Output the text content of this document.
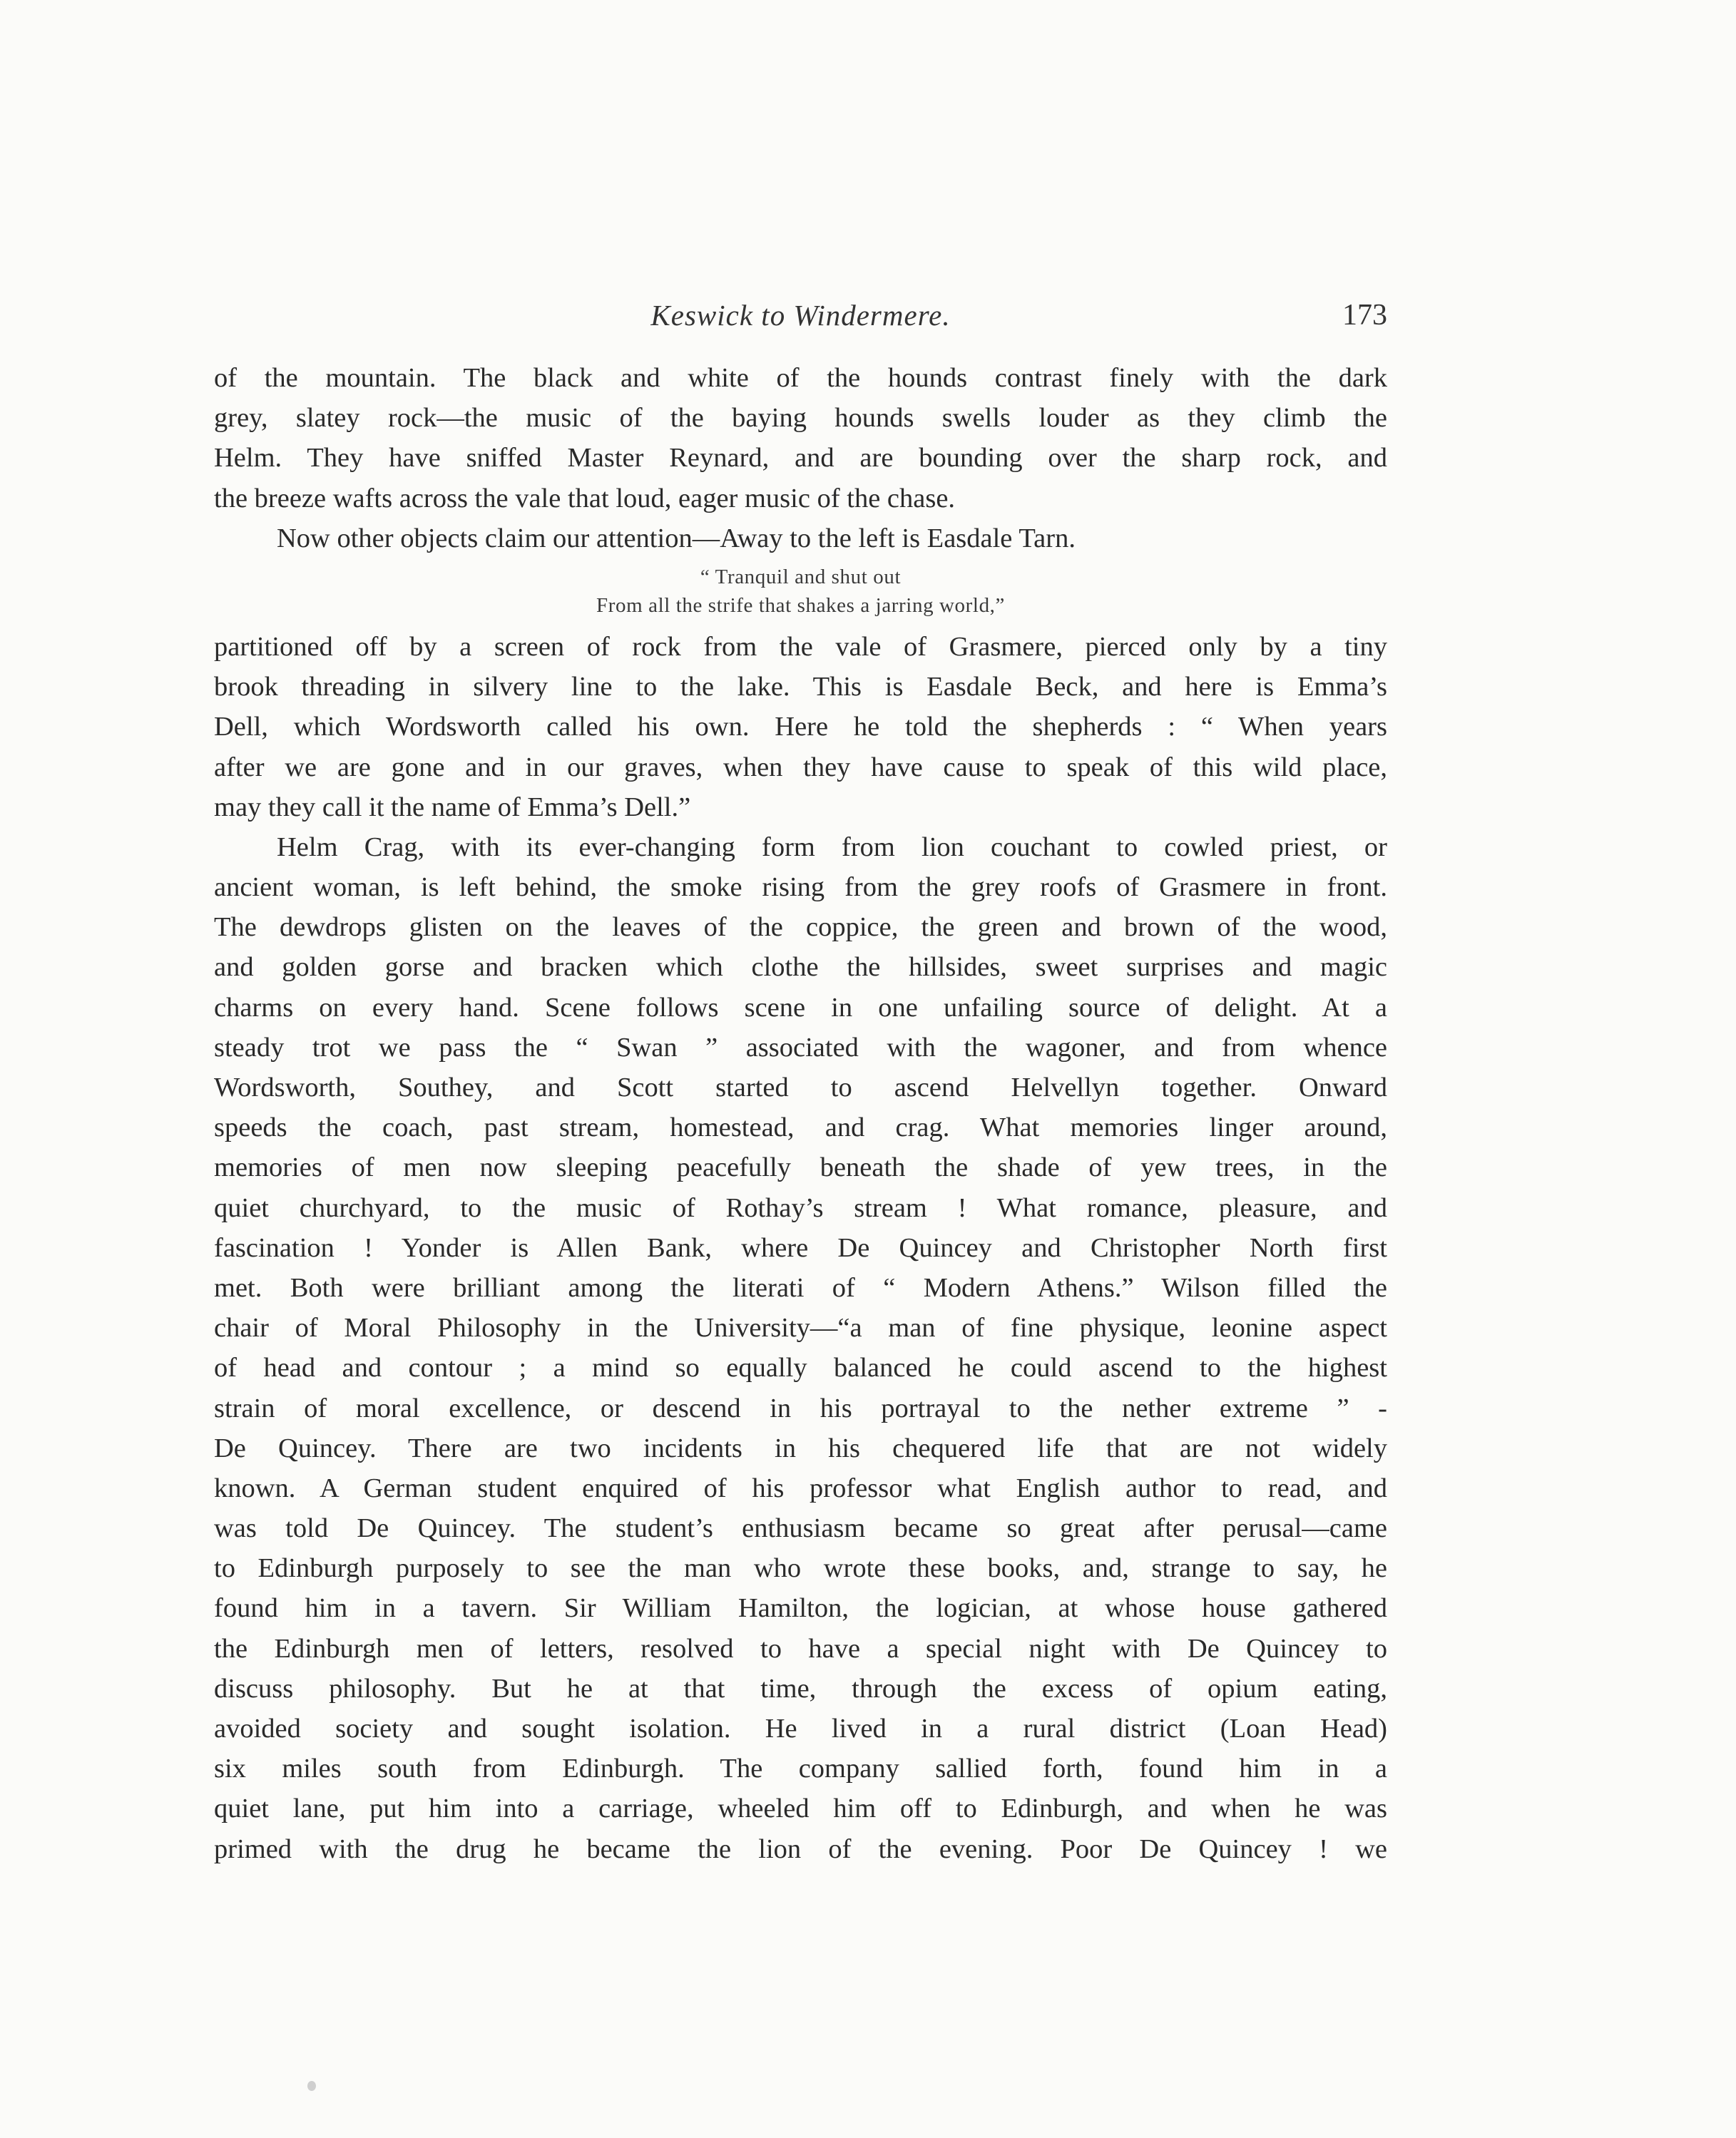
Keswick to Windermere.	173
of the mountain. The black and white of the hounds contrast finely with the dark
grey, slatey rock—the music of the baying hounds swells louder as they climb the
Helm. They have sniffed Master Reynard, and are bounding over the sharp rock, and
the breeze wafts across the vale that loud, eager music of the chase.
Now other objects claim our attention—Away to the left is Easdale Tarn.
“ Tranquil and shut out
From all the strife that shakes a jarring world,”
partitioned off by a screen of rock from the vale of Grasmere, pierced only by a tiny
brook threading in silvery line to the lake. This is Easdale Beck, and here is Emma’s
Dell, which Wordsworth called his own. Here he told the shepherds : “ When years
after we are gone and in our graves, when they have cause to speak of this wild place,
may they call it the name of Emma’s Dell.”
Helm Crag, with its ever-changing form from lion couchant to cowled priest, or
ancient woman, is left behind, the smoke rising from the grey roofs of Grasmere in front.
The dewdrops glisten on the leaves of the coppice, the green and brown of the wood,
and golden gorse and bracken which clothe the hillsides, sweet surprises and magic
charms on every hand. Scene follows scene in one unfailing source of delight. At a
steady trot we pass the “ Swan ” associated with the wagoner, and from whence
Wordsworth, Southey, and Scott started to ascend Helvellyn together. Onward
speeds the coach, past stream, homestead, and crag. What memories linger around,
memories of men now sleeping peacefully beneath the shade of yew trees, in the
quiet churchyard, to the music of Rothay’s stream ! What romance, pleasure, and
fascination ! Yonder is Allen Bank, where De Quincey and Christopher North first
met. Both were brilliant among the literati of “ Modern Athens.” Wilson filled the
chair of Moral Philosophy in the University—“a man of fine physique, leonine aspect
of head and contour ; a mind so equally balanced he could ascend to the highest
strain of moral excellence, or descend in his portrayal to the nether extreme ” -
De Quincey. There are two incidents in his chequered life that are not widely
known. A German student enquired of his professor what English author to read, and
was told De Quincey. The student’s enthusiasm became so great after perusal—came
to Edinburgh purposely to see the man who wrote these books, and, strange to say, he
found him in a tavern. Sir William Hamilton, the logician, at whose house gathered
the Edinburgh men of letters, resolved to have a special night with De Quincey to
discuss philosophy. But he at that time, through the excess of opium eating,
avoided society and sought isolation. He lived in a rural district (Loan Head)
six miles south from Edinburgh. The company sallied forth, found him in a
quiet lane, put him into a carriage, wheeled him off to Edinburgh, and when he was
primed with the drug he became the lion of the evening. Poor De Quincey ! we
